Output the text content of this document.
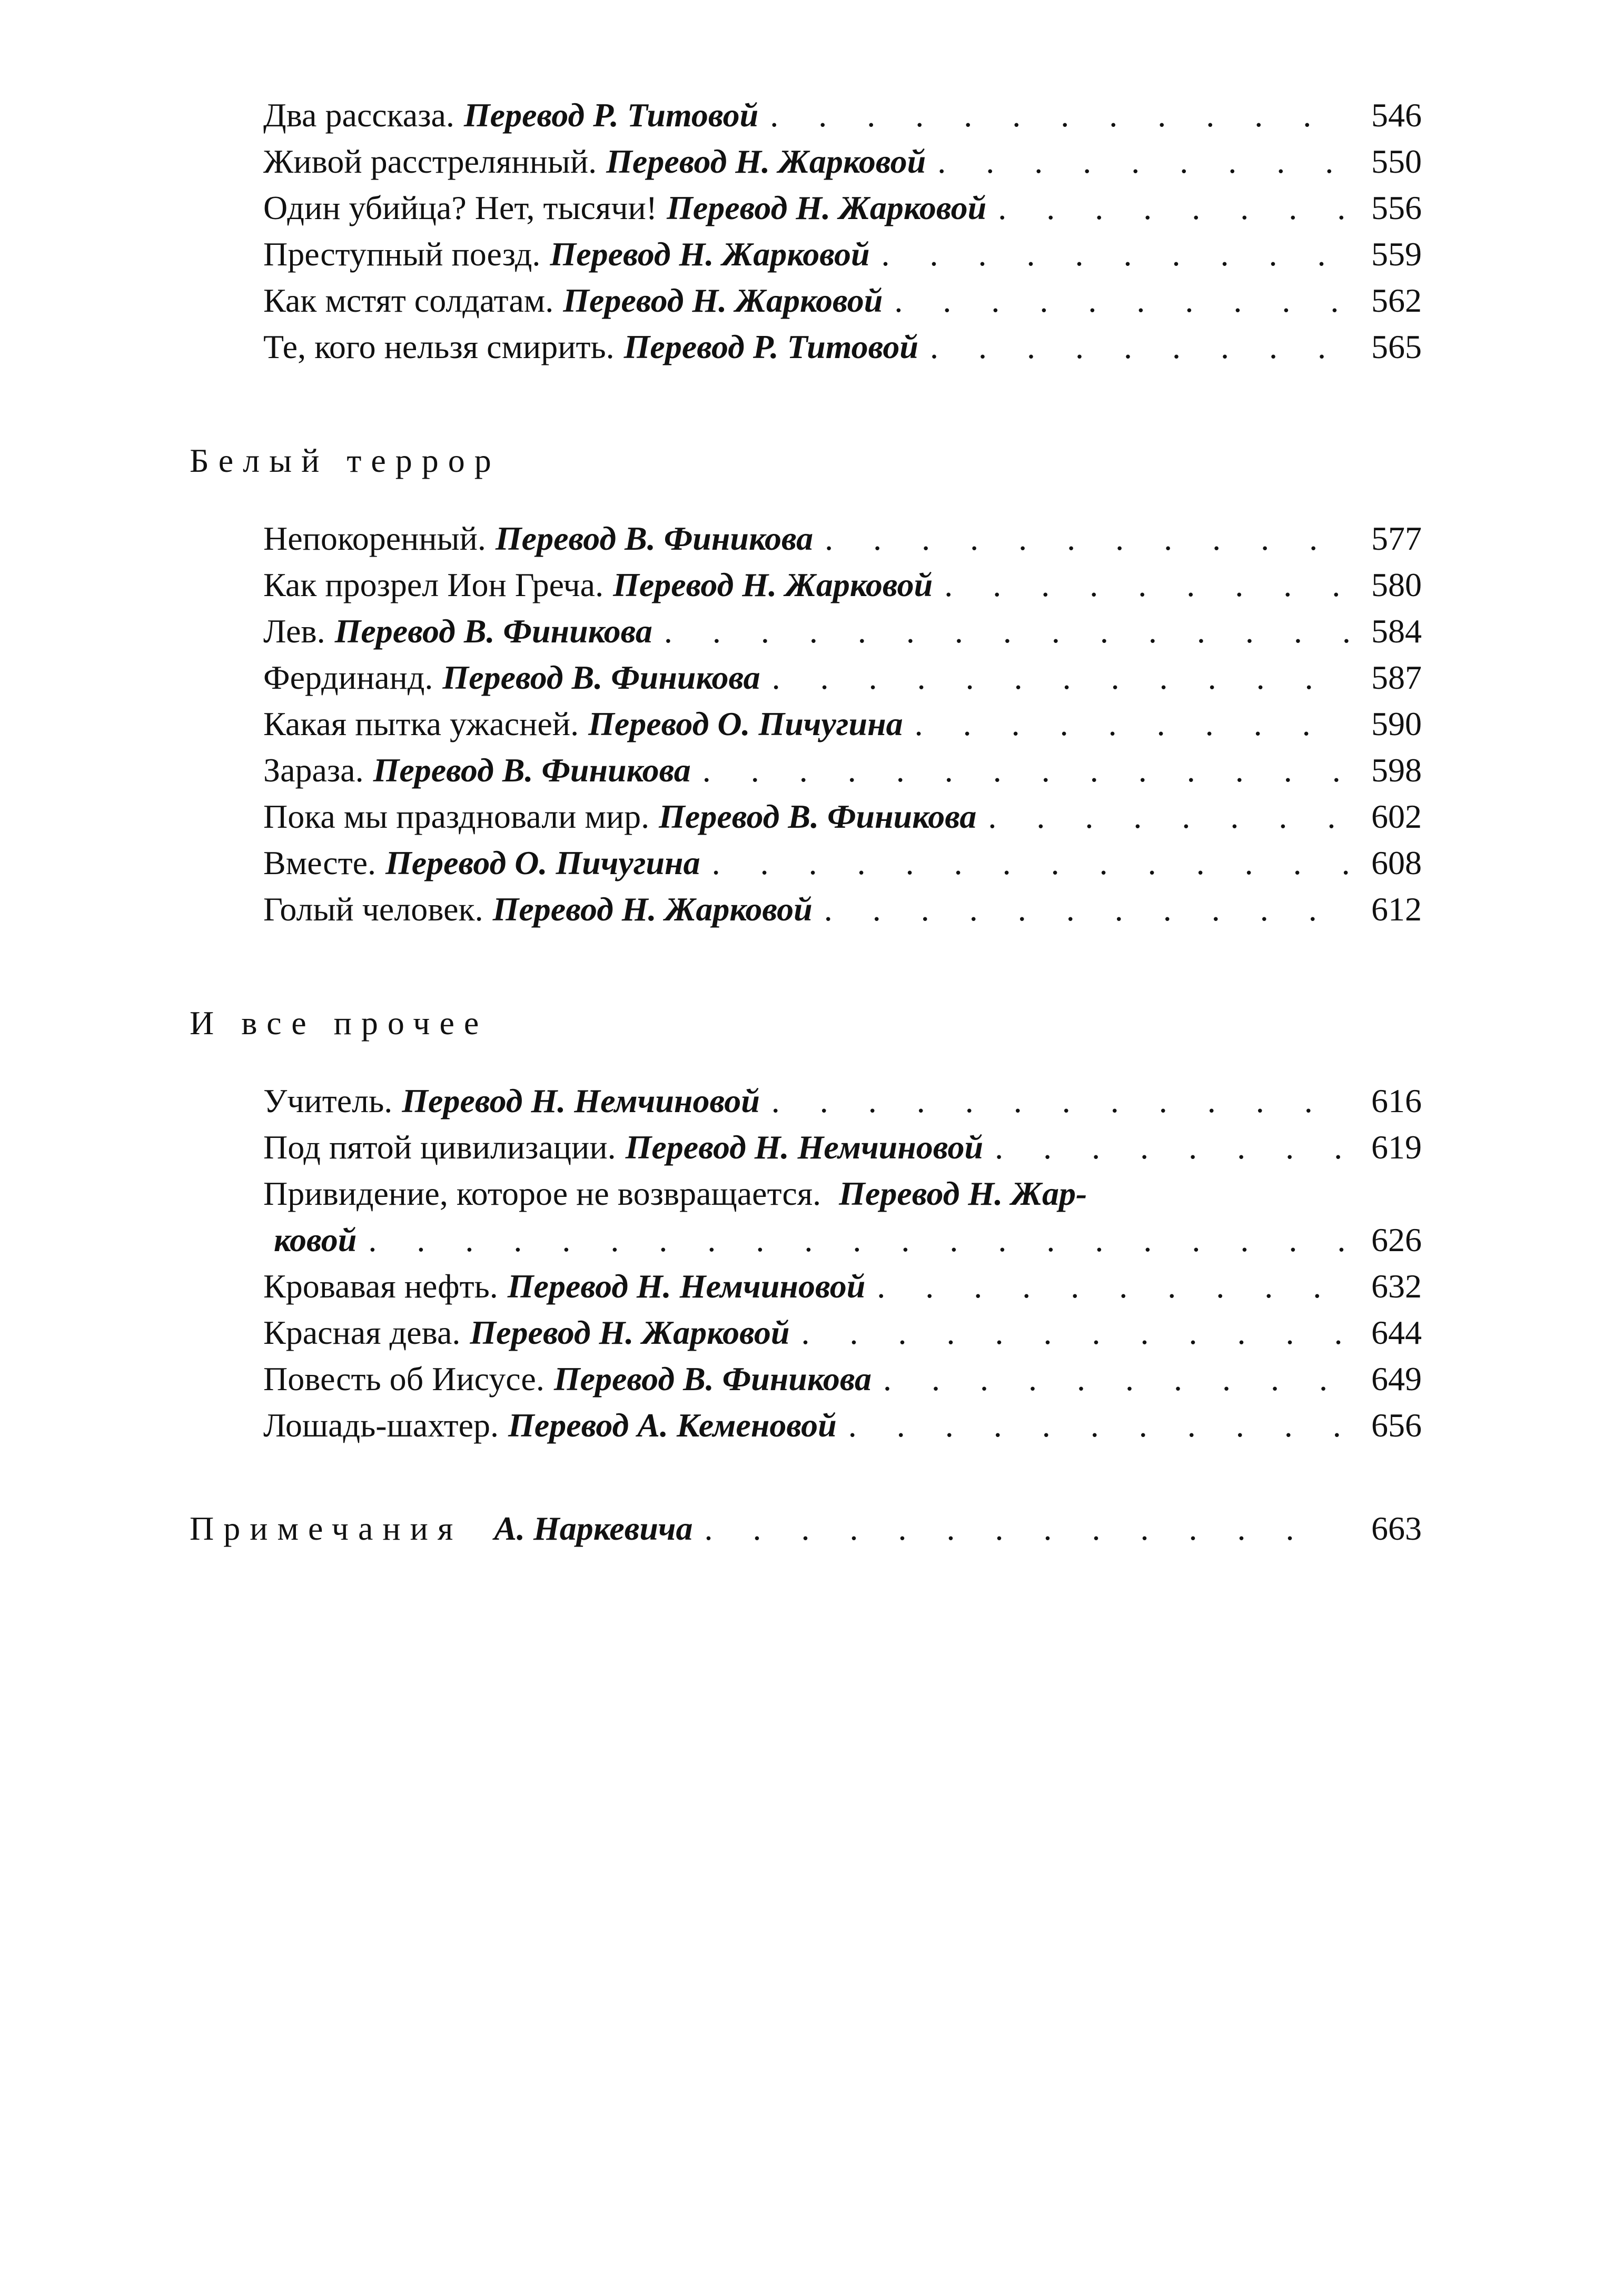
Два рассказа. Перевод Р. Титовой . . .	546
Живой расстрелянный. Перевод Н. Жарковой . . .	550
Один убийца? Нет, тысячи! Перевод Н. Жарковой . . .	556
Преступный поезд. Перевод Н. Жарковой . . .	559
Как мстят солдатам. Перевод Н. Жарковой . . .	562
Те, кого нельзя смирить. Перевод Р. Титовой . . .	565
Белый террор
Непокоренный. Перевод В. Финикова . . .	577
Как прозрел Ион Греча. Перевод Н. Жарковой . . .	580
Лев. Перевод В. Финикова . . .	584
Фердинанд. Перевод В. Финикова . . .	587
Какая пытка ужасней. Перевод О. Пичугина . . .	590
Зараза. Перевод В. Финикова . . .	598
Пока мы праздновали мир. Перевод В. Финикова . . .	602
Вместе. Перевод О. Пичугина . . .	608
Голый человек. Перевод Н. Жарковой . . .	612
И все прочее
Учитель. Перевод Н. Немчиновой . . .	616
Под пятой цивилизации. Перевод Н. Немчиновой . . .	619
Привидение, которое не возвращается. Перевод Н. Жар-
ковой . . .	626
Кровавая нефть. Перевод Н. Немчиновой . . .	632
Красная дева. Перевод Н. Жарковой . . .	644
Повесть об Иисусе. Перевод В. Финикова . . .	649
Лошадь-шахтер. Перевод А. Кеменовой . . .	656
Примечания А. Наркевича . . .	663
